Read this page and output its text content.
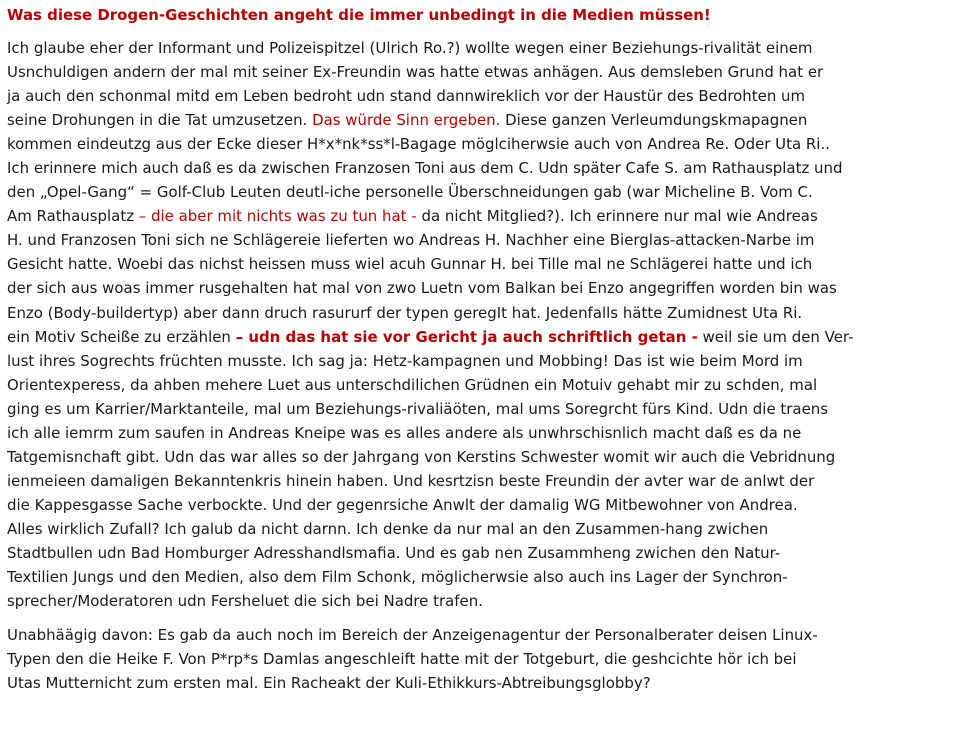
Was diese Drogen-Geschichten angeht die immer unbedingt in die Medien müssen!
Ich glaube eher der Informant und Polizeispitzel (Ulrich Ro.?) wollte wegen einer Beziehungs-rivalität einem
Usnchuldigen andern der mal mit seiner Ex-Freundin was hatte etwas anhägen. Aus demsleben Grund hat er
ja auch den schonmal mitd em Leben bedroht udn stand dannwireklich vor der Haustür des Bedrohten um
seine Drohungen in die Tat umzusetzen. Das würde Sinn ergeben. Diese ganzen Verleumdungskmapagnen
kommen eindeutzg aus der Ecke dieser H*x*nk*ss*l-Bagage möglciherwsie auch von Andrea Re. Oder Uta Ri..
Ich erinnere mich auch daß es da zwischen Franzosen Toni aus dem C. Udn später Cafe S. am Rathausplatz und
den „Opel-Gang“ = Golf-Club Leuten deutl-iche personelle Überschneidungen gab (war Micheline B. Vom C.
Am Rathausplatz – die aber mit nichts was zu tun hat - da nicht Mitglied?). Ich erinnere nur mal wie Andreas
H. und Franzosen Toni sich ne Schlägereie lieferten wo Andreas H. Nachher eine Bierglas-attacken-Narbe im
Gesicht hatte. Woebi das nichst heissen muss wiel acuh Gunnar H. bei Tille mal ne Schlägerei hatte und ich
der sich aus woas immer rusgehalten hat mal von zwo Luetn vom Balkan bei Enzo angegriffen worden bin was
Enzo (Body-buildertyp) aber dann druch rasururf der typen geregIt hat. Jedenfalls hätte Zumidnest Uta Ri.
ein Motiv Scheiße zu erzählen – udn das hat sie vor Gericht ja auch schriftlich getan - weil sie um den Ver-
lust ihres Sogrechts früchten musste. Ich sag ja: Hetz-kampagnen und Mobbing! Das ist wie beim Mord im
Orientexperess, da ahben mehere Luet aus unterschdilichen Grüdnen ein Motuiv gehabt mir zu schden, mal
ging es um Karrier/Marktanteile, mal um Beziehungs-rivaliäöten, mal ums Soregrcht fürs Kind. Udn die traens
ich alle iemrm zum saufen in Andreas Kneipe was es alles andere als unwhrschisnlich macht daß es da ne
Tatgemisnchaft gibt. Udn das war alles so der Jahrgang von Kerstins Schwester womit wir auch die Vebridnung
ienmeieen damaligen Bekanntenkris hinein haben. Und kesrtzisn beste Freundin der avter war de anlwt der
die Kappesgasse Sache verbockte. Und der gegenrsiche Anwlt der damalig WG Mitbewohner von Andrea.
Alles wirklich Zufall? Ich galub da nicht darnn. Ich denke da nur mal an den Zusammen-hang zwichen
Stadtbullen udn Bad Homburger Adresshandlsmafia. Und es gab nen Zusammheng zwichen den Natur-
Textilien Jungs und den Medien, also dem Film Schonk, möglicherwsie also auch ins Lager der Synchron-
sprecher/Moderatoren udn Fersheluet die sich bei Nadre trafen.
Unabhäägig davon: Es gab da auch noch im Bereich der Anzeigenagentur der Personalberater deisen Linux-
Typen den die Heike F. Von P*rp*s Damlas angeschleift hatte mit der Totgeburt, die geshcichte hör ich bei
Utas Mutternicht zum ersten mal. Ein Racheakt der Kuli-Ethikkurs-Abtreibungsglobby?
